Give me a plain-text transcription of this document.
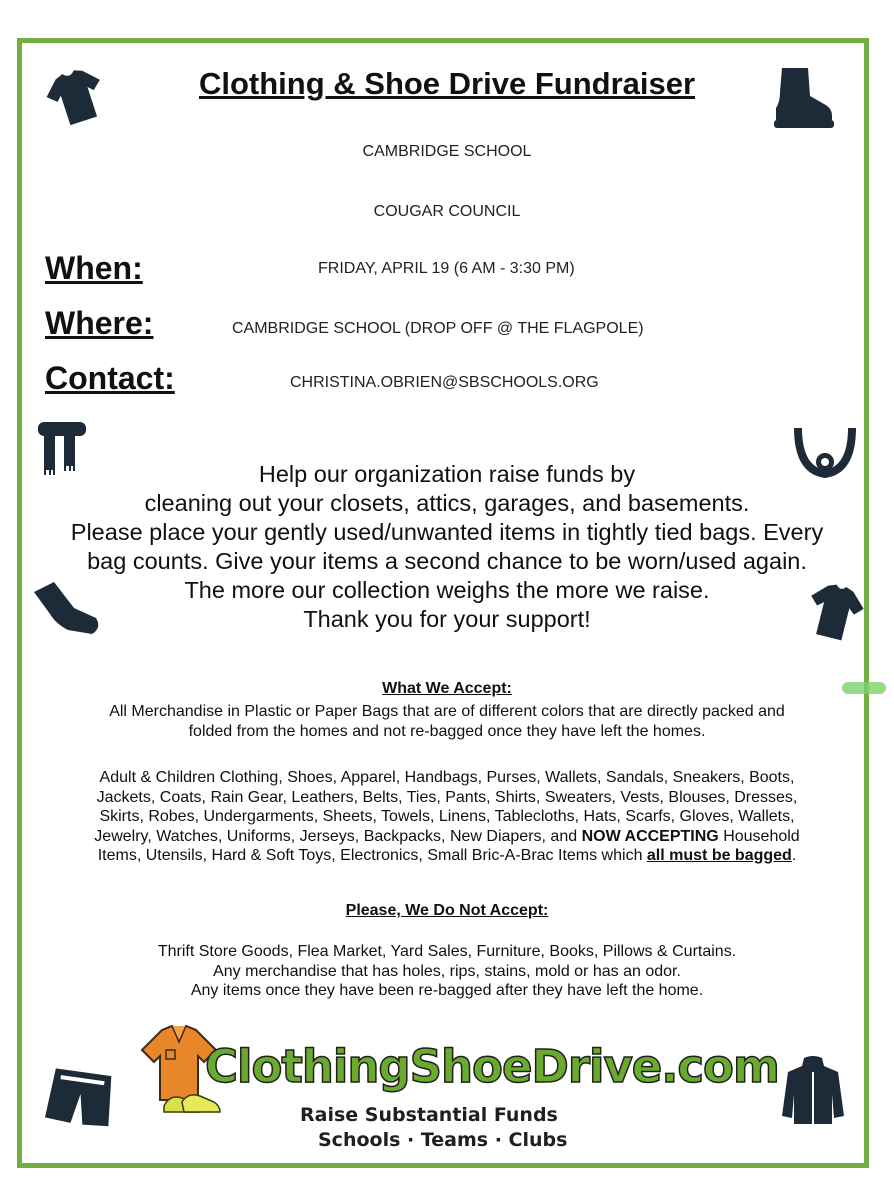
Clothing & Shoe Drive Fundraiser
CAMBRIDGE SCHOOL
COUGAR COUNCIL
When:	FRIDAY, APRIL 19 (6 AM - 3:30 PM)
Where:	CAMBRIDGE SCHOOL (DROP OFF @ THE FLAGPOLE)
Contact:	CHRISTINA.OBRIEN@SBSCHOOLS.ORG
Help our organization raise funds by
cleaning out your closets, attics, garages, and basements.
Please place your gently used/unwanted items in tightly tied bags. Every
bag counts. Give your items a second chance to be worn/used again.
The more our collection weighs the more we raise.
Thank you for your support!
What We Accept:
All Merchandise in Plastic or Paper Bags that are of different colors that are directly packed and
folded from the homes and not re-bagged once they have left the homes.
Adult & Children Clothing, Shoes, Apparel, Handbags, Purses, Wallets, Sandals, Sneakers, Boots,
Jackets, Coats, Rain Gear, Leathers, Belts, Ties, Pants, Shirts, Sweaters, Vests, Blouses, Dresses,
Skirts, Robes, Undergarments, Sheets, Towels, Linens, Tablecloths, Hats, Scarfs, Gloves, Wallets,
Jewelry, Watches, Uniforms, Jerseys, Backpacks, New Diapers, and NOW ACCEPTING Household
Items, Utensils, Hard & Soft Toys, Electronics, Small Bric-A-Brac Items which all must be bagged.
Please, We Do Not Accept:
Thrift Store Goods, Flea Market, Yard Sales, Furniture, Books, Pillows & Curtains.
Any merchandise that has holes, rips, stains, mold or has an odor.
Any items once they have been re-bagged after they have left the home.
ClothingShoeDrive.com
Raise Substantial Funds
Schools · Teams · Clubs
